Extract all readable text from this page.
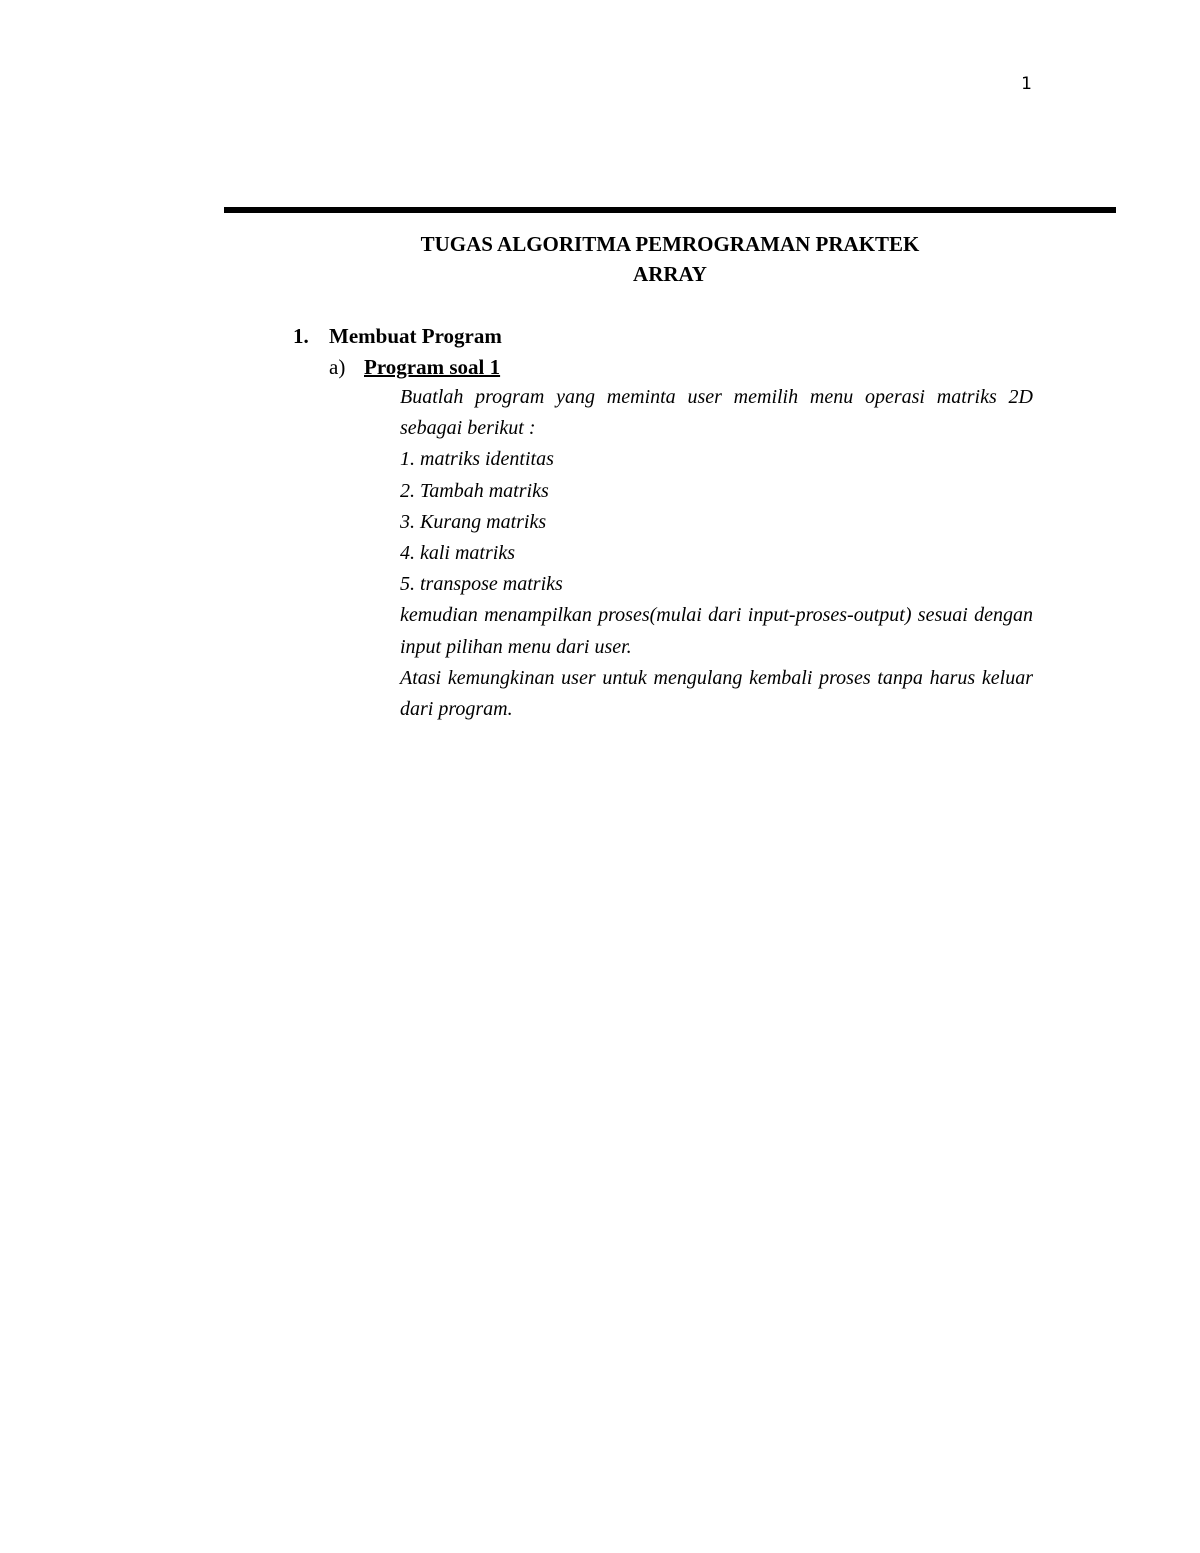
1
TUGAS ALGORITMA PEMROGRAMAN PRAKTEK
ARRAY
1. Membuat Program
a) Program soal 1

Buatlah program yang meminta user memilih menu operasi matriks 2D sebagai berikut :

1. matriks identitas

2. Tambah matriks

3. Kurang matriks

4. kali matriks

5. transpose matriks

kemudian menampilkan proses(mulai dari input-proses-output) sesuai dengan input pilihan menu dari user.

Atasi kemungkinan user untuk mengulang kembali proses tanpa harus keluar dari program.
